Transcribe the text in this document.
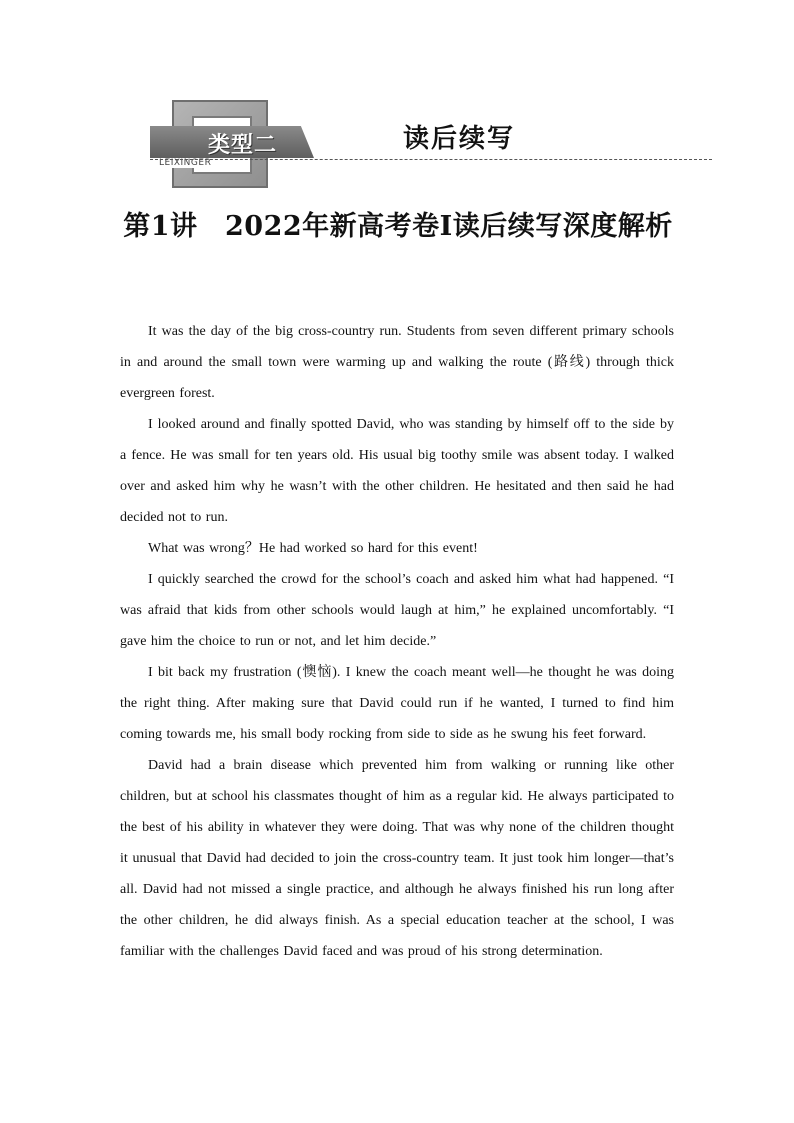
类型二
LEIXINGER
读后续写
第1讲　2022年新高考卷Ⅰ读后续写深度解析

It was the day of the big cross‑country run. Students from seven different primary schools in and around the small town were warming up and walking the route (路线) through thick evergreen forest.

I looked around and finally spotted David, who was standing by himself off to the side by a fence. He was small for ten years old. His usual big toothy smile was absent today. I walked over and asked him why he wasn’t with the other children. He hesitated and then said he had decided not to run.

What was wrong？He had worked so hard for this event!

I quickly searched the crowd for the school’s coach and asked him what had happened. “I was afraid that kids from other schools would laugh at him,” he explained uncomfortably. “I gave him the choice to run or not, and let him decide.”

I bit back my frustration (懊恼). I knew the coach meant well—he thought he was doing the right thing. After making sure that David could run if he wanted, I turned to find him coming towards me, his small body rocking from side to side as he swung his feet forward.

David had a brain disease which prevented him from walking or running like other children, but at school his classmates thought of him as a regular kid. He always participated to the best of his ability in whatever they were doing. That was why none of the children thought it unusual that David had decided to join the cross-country team. It just took him longer—that’s all. David had not missed a single practice, and although he always finished his run long after the other children, he did always finish. As a special education teacher at the school, I was familiar with the challenges David faced and was proud of his strong determination.
